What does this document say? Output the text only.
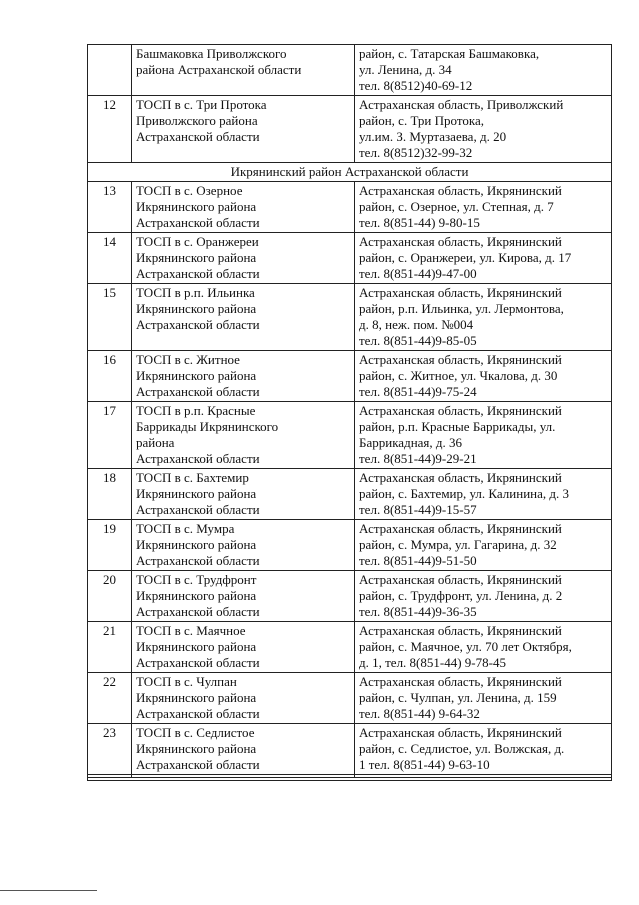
	Башмаковка Приволжского
района Астраханской области	район, с. Татарская Башмаковка,
ул. Ленина, д. 34
тел. 8(8512)40-69-12
12	ТОСП в с. Три Протока
Приволжского района
Астраханской области	Астраханская область, Приволжский
район, с. Три Протока,
ул.им. З. Муртазаева, д. 20
тел. 8(8512)32-99-32
Икрянинский район Астраханской области		
13	ТОСП в с. Озерное
Икрянинского района
Астраханской области	Астраханская область, Икрянинский
район, с. Озерное, ул. Степная, д. 7
тел. 8(851-44) 9-80-15
14	ТОСП в с. Оранжереи
Икрянинского района
Астраханской области	Астраханская область, Икрянинский
район, с. Оранжереи, ул. Кирова, д. 17
тел. 8(851-44)9-47-00
15	ТОСП в р.п. Ильинка
Икрянинского района
Астраханской области	Астраханская область, Икрянинский
район, р.п. Ильинка, ул. Лермонтова,
д. 8, неж. пом. №004
тел. 8(851-44)9-85-05
16	ТОСП в с. Житное
Икрянинского района
Астраханской области	Астраханская область, Икрянинский
район, с. Житное, ул. Чкалова, д. 30
тел. 8(851-44)9-75-24
17	ТОСП в р.п. Красные
Баррикады Икрянинского
района
Астраханской области	Астраханская область, Икрянинский
район, р.п. Красные Баррикады, ул.
Баррикадная, д. 36
тел. 8(851-44)9-29-21
18	ТОСП в с. Бахтемир
Икрянинского района
Астраханской области	Астраханская область, Икрянинский
район, с. Бахтемир, ул. Калинина, д. 3
тел. 8(851-44)9-15-57
19	ТОСП в с. Мумра
Икрянинского района
Астраханской области	Астраханская область, Икрянинский
район, с. Мумра, ул. Гагарина, д. 32
тел. 8(851-44)9-51-50
20	ТОСП в с. Трудфронт
Икрянинского района
Астраханской области	Астраханская область, Икрянинский
район, с. Трудфронт, ул. Ленина, д. 2
тел. 8(851-44)9-36-35
21	ТОСП в с. Маячное
Икрянинского района
Астраханской области	Астраханская область, Икрянинский
район, с. Маячное, ул. 70 лет Октября,
д. 1, тел. 8(851-44) 9-78-45
22	ТОСП в с. Чулпан
Икрянинского района
Астраханской области	Астраханская область, Икрянинский
район, с. Чулпан, ул. Ленина, д. 159
тел. 8(851-44) 9-64-32
23	ТОСП в с. Седлистое
Икрянинского района
Астраханской области	Астраханская область, Икрянинский
район, с. Седлистое, ул. Волжская, д.
1 тел. 8(851-44) 9-63-10
